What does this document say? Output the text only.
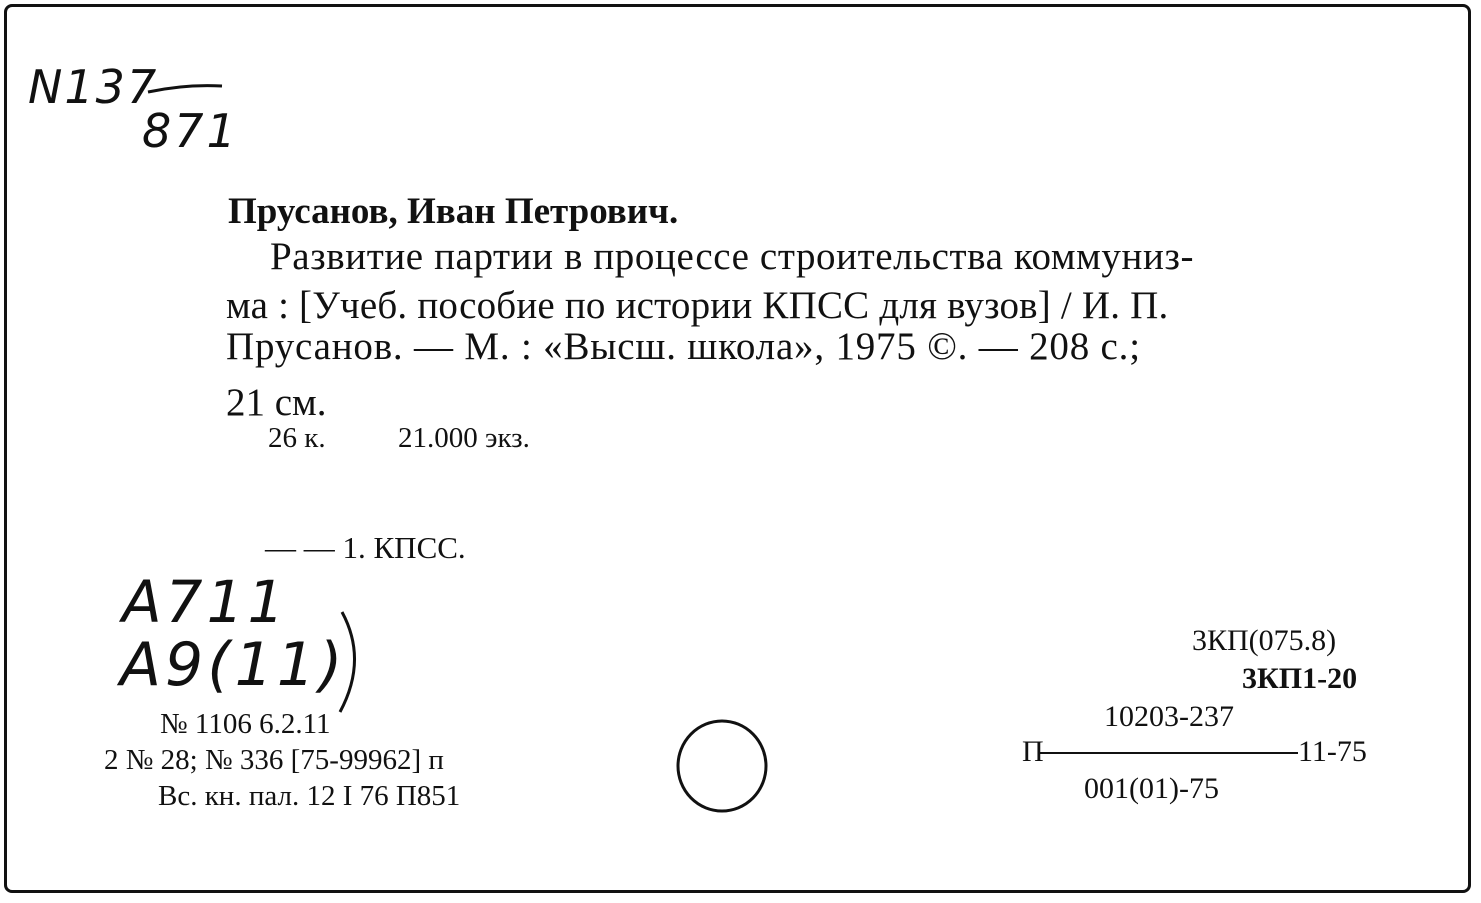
N137
871
Прусанов, Иван Петрович.
Развитие партии в процессе строительства коммуниз-
ма : [Учеб. пособие по истории КПСС для вузов] / И. П.
Прусанов. — М. : «Высш. школа», 1975 ©. — 208 с.;
21 см.
26 к. 21.000 экз.
— — 1. КПСС.
A711
A9(11)
№ 1106 6.2.11
2 № 28; № 336 [75-99962] п
Вс. кн. пал. 12 I 76 П851
3КП(075.8)
3КП1-20
10203-237
П	11-75
001(01)-75
